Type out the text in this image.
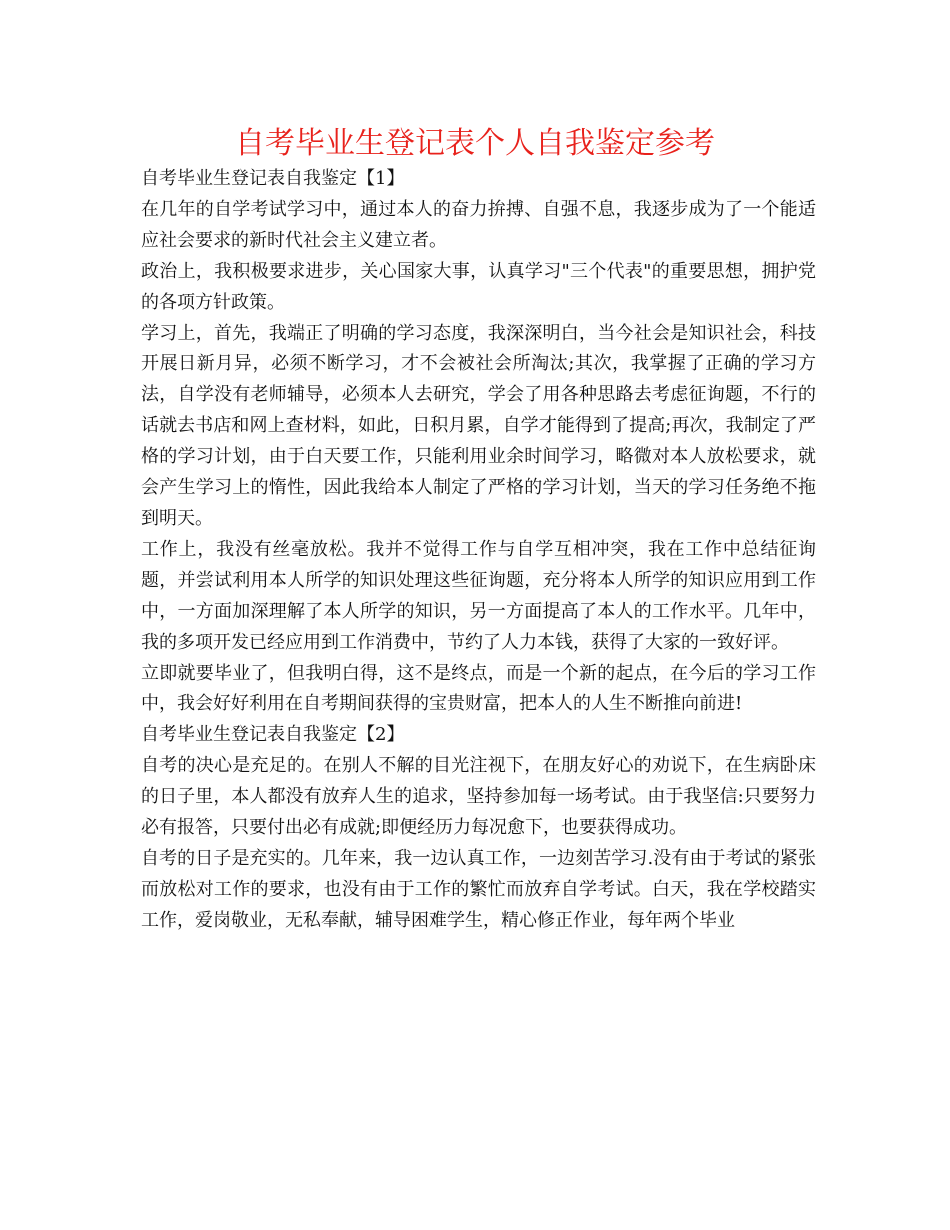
自考毕业生登记表个人自我鉴定参考

自考毕业生登记表自我鉴定【1】

在几年的自学考试学习中，通过本人的奋力拚搏、自强不息，我逐步成为了一个能适应社会要求的新时代社会主义建立者。

政治上，我积极要求进步，关心国家大事，认真学习"三个代表"的重要思想，拥护党的各项方针政策。

学习上，首先，我端正了明确的学习态度，我深深明白，当今社会是知识社会，科技开展日新月异，必须不断学习，才不会被社会所淘汰;其次，我掌握了正确的学习方法，自学没有老师辅导，必须本人去研究，学会了用各种思路去考虑征询题，不行的话就去书店和网上查材料，如此，日积月累，自学才能得到了提高;再次，我制定了严格的学习计划，由于白天要工作，只能利用业余时间学习，略微对本人放松要求，就会产生学习上的惰性，因此我给本人制定了严格的学习计划，当天的学习任务绝不拖到明天。

工作上，我没有丝毫放松。我并不觉得工作与自学互相冲突，我在工作中总结征询题，并尝试利用本人所学的知识处理这些征询题，充分将本人所学的知识应用到工作中，一方面加深理解了本人所学的知识，另一方面提高了本人的工作水平。几年中，我的多项开发已经应用到工作消费中，节约了人力本钱，获得了大家的一致好评。

立即就要毕业了，但我明白得，这不是终点，而是一个新的起点，在今后的学习工作中，我会好好利用在自考期间获得的宝贵财富，把本人的人生不断推向前进!

自考毕业生登记表自我鉴定【2】

自考的决心是充足的。在别人不解的目光注视下，在朋友好心的劝说下，在生病卧床的日子里，本人都没有放弃人生的追求，坚持参加每一场考试。由于我坚信:只要努力必有报答，只要付出必有成就;即便经历力每况愈下，也要获得成功。

自考的日子是充实的。几年来，我一边认真工作，一边刻苦学习.没有由于考试的紧张而放松对工作的要求，也没有由于工作的繁忙而放弃自学考试。白天，我在学校踏实工作，爱岗敬业，无私奉献，辅导困难学生，精心修正作业，每年两个毕业
